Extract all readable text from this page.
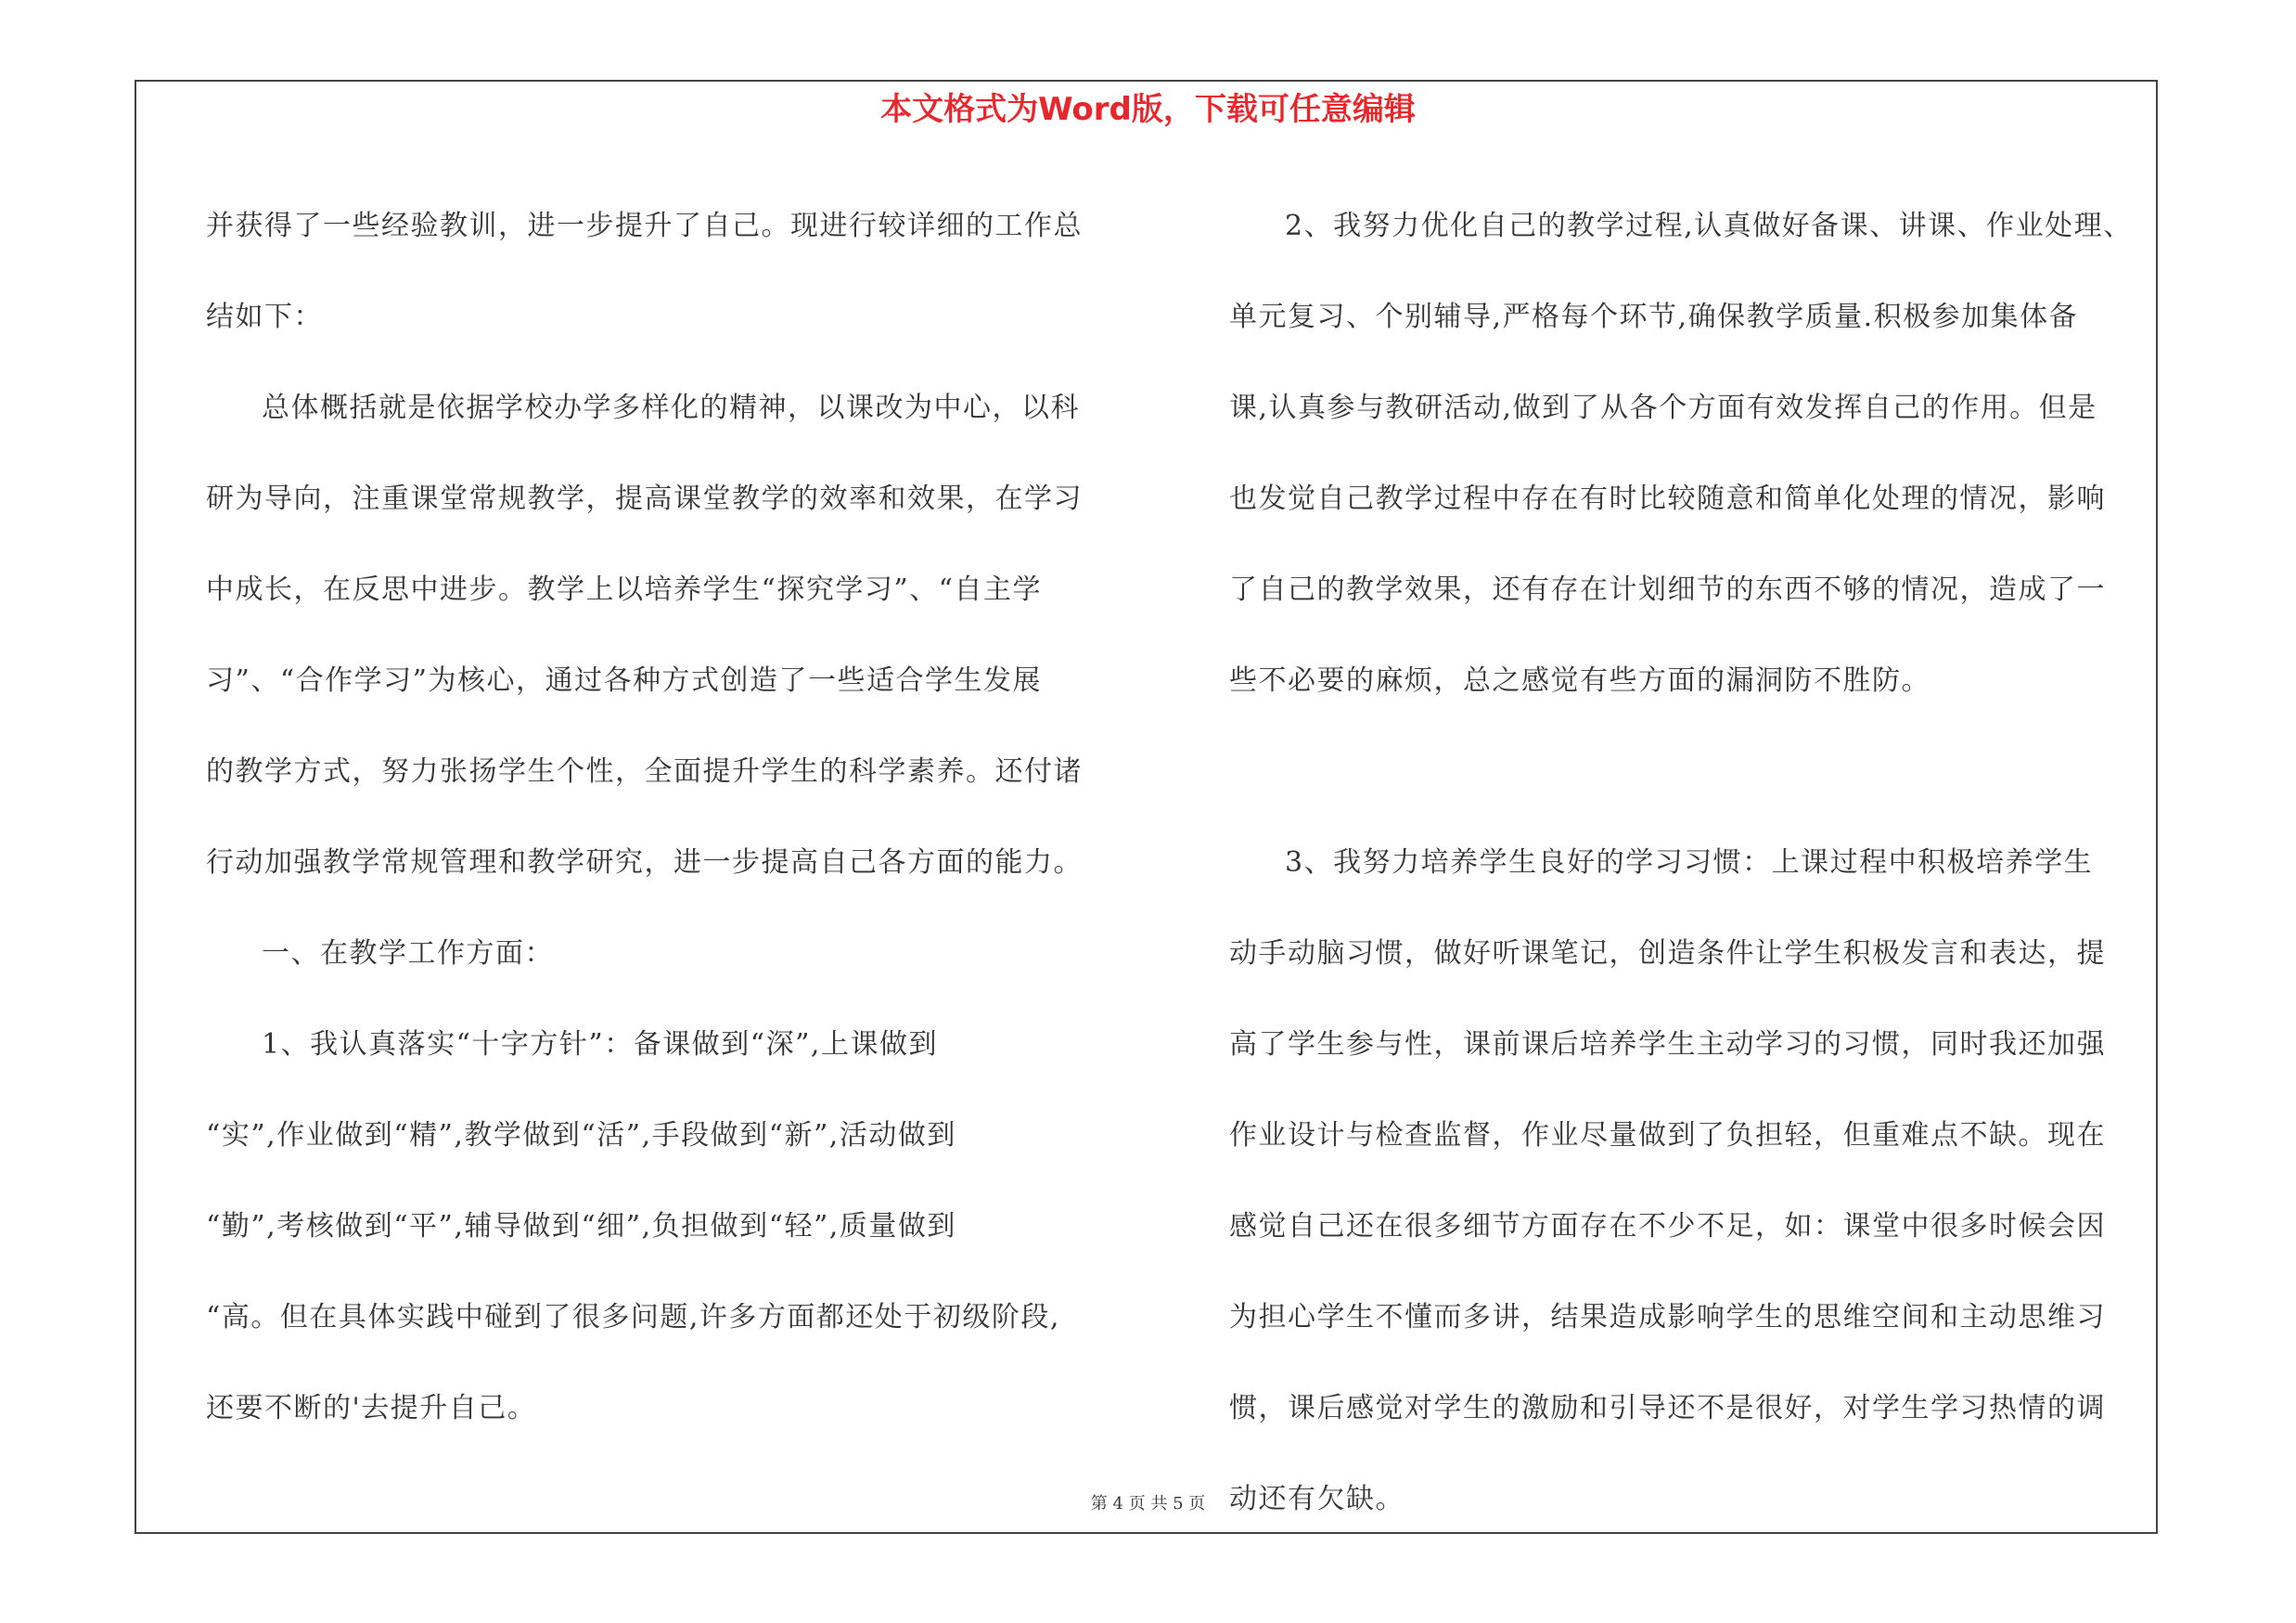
本文格式为Word版，下载可任意编辑
并获得了一些经验教训，进一步提升了自己。现进行较详细的工作总
结如下：
总体概括就是依据学校办学多样化的精神，以课改为中心，以科
研为导向，注重课堂常规教学，提高课堂教学的效率和效果，在学习
中成长，在反思中进步。教学上以培养学生“探究学习”、“自主学
习”、“合作学习”为核心，通过各种方式创造了一些适合学生发展
的教学方式，努力张扬学生个性，全面提升学生的科学素养。还付诸
行动加强教学常规管理和教学研究，进一步提高自己各方面的能力。
一、在教学工作方面：
1、我认真落实“十字方针”：备课做到“深”,上课做到
“实”,作业做到“精”,教学做到“活”,手段做到“新”,活动做到
“勤”,考核做到“平”,辅导做到“细”,负担做到“轻”,质量做到
“高。但在具体实践中碰到了很多问题,许多方面都还处于初级阶段,
还要不断的'去提升自己。
2、我努力优化自己的教学过程,认真做好备课、讲课、作业处理、
单元复习、个别辅导,严格每个环节,确保教学质量.积极参加集体备
课,认真参与教研活动,做到了从各个方面有效发挥自己的作用。但是
也发觉自己教学过程中存在有时比较随意和简单化处理的情况，影响
了自己的教学效果，还有存在计划细节的东西不够的情况，造成了一
些不必要的麻烦，总之感觉有些方面的漏洞防不胜防。
3、我努力培养学生良好的学习习惯：上课过程中积极培养学生
动手动脑习惯，做好听课笔记，创造条件让学生积极发言和表达，提
高了学生参与性，课前课后培养学生主动学习的习惯，同时我还加强
作业设计与检查监督，作业尽量做到了负担轻，但重难点不缺。现在
感觉自己还在很多细节方面存在不少不足，如：课堂中很多时候会因
为担心学生不懂而多讲，结果造成影响学生的思维空间和主动思维习
惯，课后感觉对学生的激励和引导还不是很好，对学生学习热情的调
动还有欠缺。
第 4 页 共 5 页
